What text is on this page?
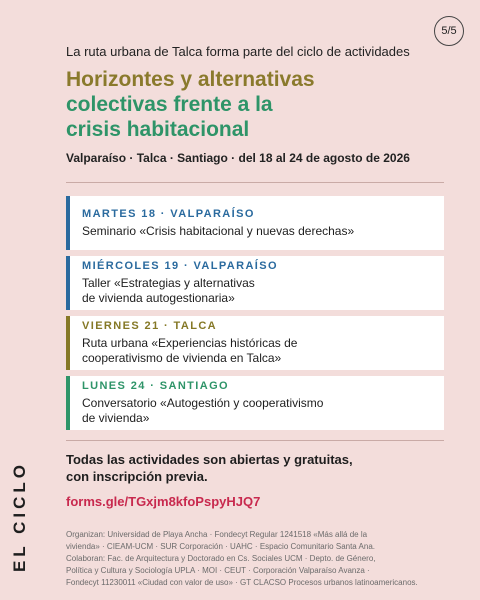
5/5
EL CICLO
La ruta urbana de Talca forma parte del ciclo de actividades
Horizontes y alternativas
colectivas frente a la
crisis habitacional
Valparaíso · Talca · Santiago · del 18 al 24 de agosto de 2026
MARTES 18 · VALPARAÍSO
Seminario «Crisis habitacional y nuevas derechas»
MIÉRCOLES 19 · VALPARAÍSO
Taller «Estrategias y alternativas
de vivienda autogestionaria»
VIERNES 21 · TALCA
Ruta urbana «Experiencias históricas de
cooperativismo de vivienda en Talca»
LUNES 24 · SANTIAGO
Conversatorio «Autogestión y cooperativismo
de vivienda»
Todas las actividades son abiertas y gratuitas,
con inscripción previa.
forms.gle/TGxjm8kfoPspyHJQ7
Organizan: Universidad de Playa Ancha · Fondecyt Regular 1241518 «Más allá de la
vivienda» · CIEAM-UCM · SUR Corporación · UAHC · Espacio Comunitario Santa Ana.
Colaboran: Fac. de Arquitectura y Doctorado en Cs. Sociales UCM · Depto. de Género,
Política y Cultura y Sociología UPLA · MOI · CEUT · Corporación Valparaíso Avanza ·
Fondecyt 11230011 «Ciudad con valor de uso» · GT CLACSO Procesos urbanos latinoamericanos.
